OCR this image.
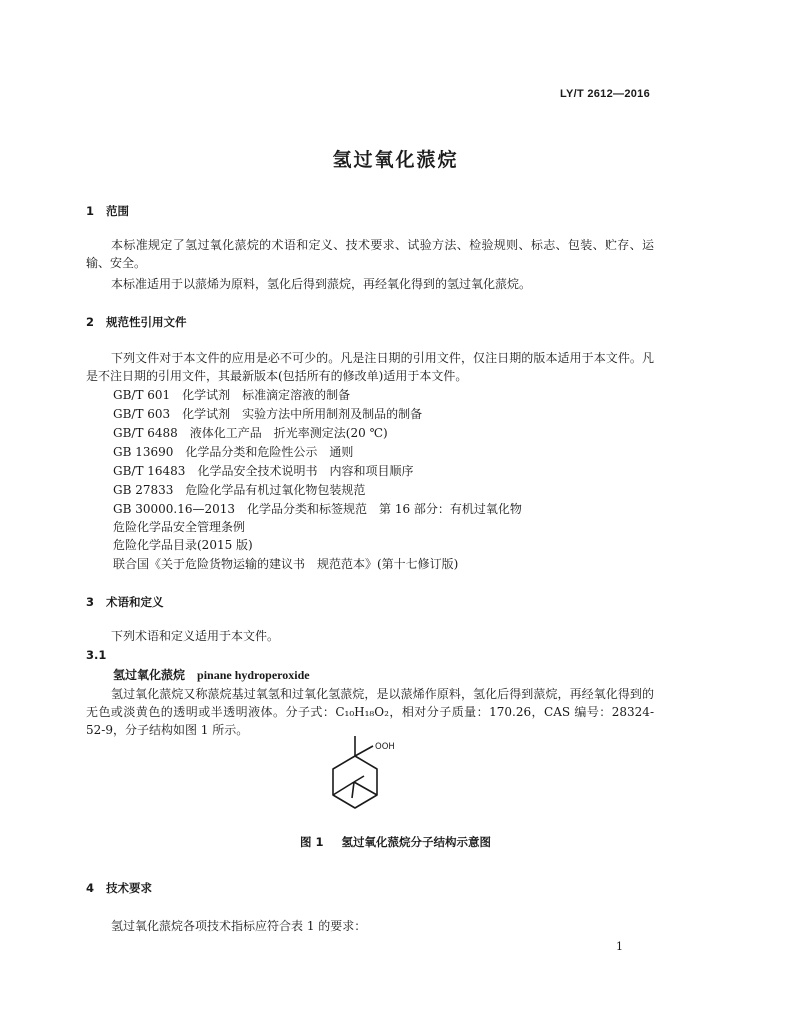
LY/T 2612—2016
氢过氧化蒎烷
1 范围

本标准规定了氢过氧化蒎烷的术语和定义、技术要求、试验方法、检验规则、标志、包装、贮存、运输、安全。

本标准适用于以蒎烯为原料，氢化后得到蒎烷，再经氧化得到的氢过氧化蒎烷。

2 规范性引用文件

下列文件对于本文件的应用是必不可少的。凡是注日期的引用文件，仅注日期的版本适用于本文件。凡是不注日期的引用文件，其最新版本(包括所有的修改单)适用于本文件。

GB/T 601　化学试剂　标准滴定溶液的制备
GB/T 603　化学试剂　实验方法中所用制剂及制品的制备
GB/T 6488　液体化工产品　折光率测定法(20 ℃)
GB 13690　化学品分类和危险性公示　通则
GB/T 16483　化学品安全技术说明书　内容和项目顺序
GB 27833　危险化学品有机过氧化物包装规范
GB 30000.16—2013　化学品分类和标签规范　第 16 部分：有机过氧化物
危险化学品安全管理条例
危险化学品目录(2015 版)
联合国《关于危险货物运输的建议书　规范范本》(第十七修订版)
3 术语和定义

下列术语和定义适用于本文件。

3.1
氢过氧化蒎烷 pinane hydroperoxide

氢过氧化蒎烷又称蒎烷基过氧氢和过氧化氢蒎烷，是以蒎烯作原料，氢化后得到蒎烷，再经氧化得到的无色或淡黄色的透明或半透明液体。分子式：C₁₀H₁₈O₂，相对分子质量：170.26，CAS 编号：28324-52-9，分子结构如图 1 所示。

OOH
图 1 氢过氧化蒎烷分子结构示意图
4 技术要求

氢过氧化蒎烷各项技术指标应符合表 1 的要求：

1
